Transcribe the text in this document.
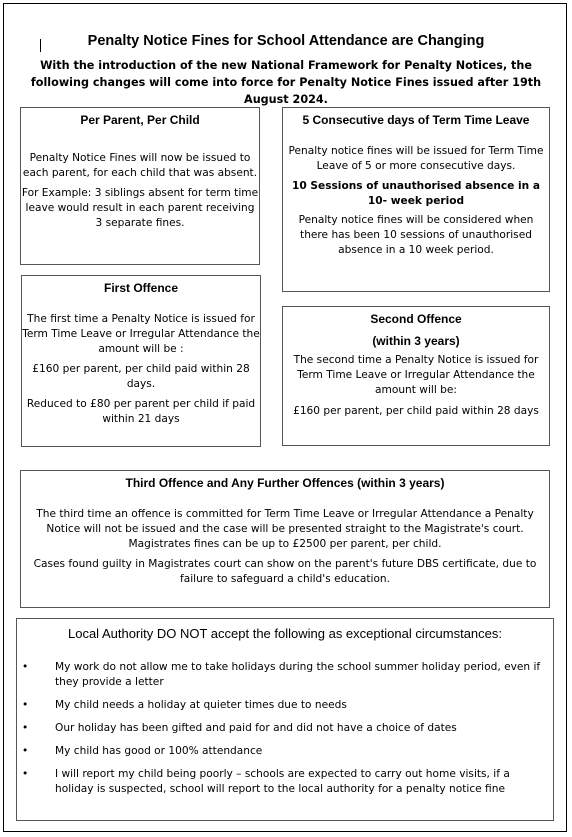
Penalty Notice Fines for School Attendance are Changing
With the introduction of the new National Framework for Penalty Notices, the following changes will come into force for Penalty Notice Fines issued after 19th August 2024.
Per Parent, Per Child

Penalty Notice Fines will now be issued to each parent, for each child that was absent.

For Example: 3 siblings absent for term time leave would result in each parent receiving 3 separate fines.

5 Consecutive days of Term Time Leave

Penalty notice fines will be issued for Term Time Leave of 5 or more consecutive days.

10 Sessions of unauthorised absence in a 10- week period

Penalty notice fines will be considered when there has been 10 sessions of unauthorised absence in a 10 week period.

First Offence

The first time a Penalty Notice is issued for Term Time Leave or Irregular Attendance the amount will be :

£160 per parent, per child paid within 28 days.

Reduced to £80 per parent per child if paid within 21 days

Second Offence
(within 3 years)

The second time a Penalty Notice is issued for Term Time Leave or Irregular Attendance the amount will be:

£160 per parent, per child paid within 28 days

Third Offence and Any Further Offences (within 3 years)

The third time an offence is committed for Term Time Leave or Irregular Attendance a Penalty Notice will not be issued and the case will be presented straight to the Magistrate's court. Magistrates fines can be up to £2500 per parent, per child.

Cases found guilty in Magistrates court can show on the parent's future DBS certificate, due to failure to safeguard a child's education.

Local Authority DO NOT accept the following as exceptional circumstances:
•	My work do not allow me to take holidays during the school summer holiday period, even if they provide a letter
•	My child needs a holiday at quieter times due to needs
•	Our holiday has been gifted and paid for and did not have a choice of dates
•	My child has good or 100% attendance
•	I will report my child being poorly – schools are expected to carry out home visits, if a holiday is suspected, school will report to the local authority for a penalty notice fine
